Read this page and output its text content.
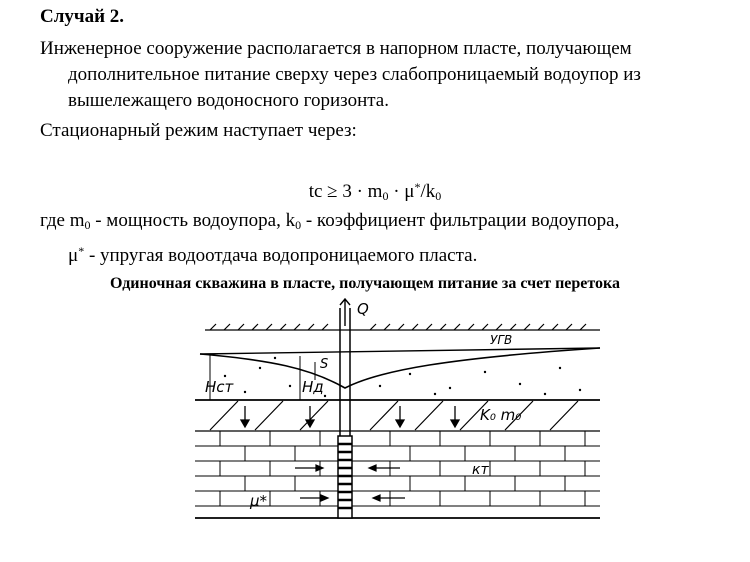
Случай 2.
Инженерное сооружение располагается в напорном пласте, получающем
дополнительное питание сверху через слабопроницаемый водоупор из
вышележащего водоносного горизонта.
Стационарный режим наступает через:
tc ≥ $3 \cdot m_0 \cdot \mu^*/k_0$
где $m_0$ - мощность водоупора, $k_0$ - коэффициент фильтрации водоупора,
μ* - упругая водоотдача водопроницаемого пласта.
Одиночная скважина в пласте, получающем питание за счет перетока
Q
УГВ
S
Hст	Hд
K₀ m₀
кт
μ*
